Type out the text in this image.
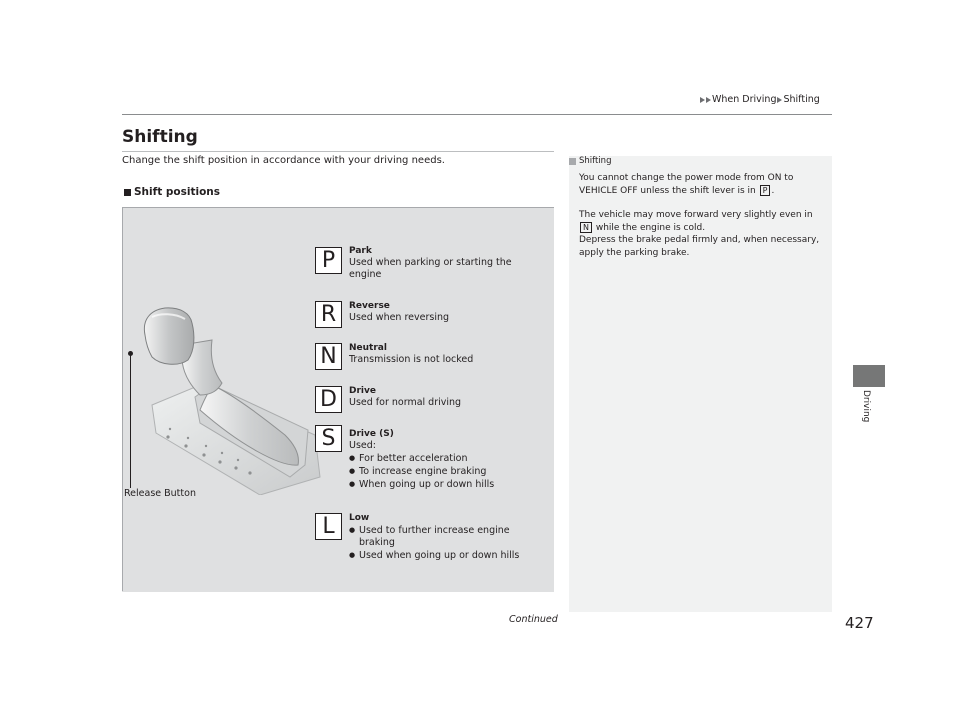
When Driving Shifting
Driving
Shifting
Change the shift position in accordance with your driving needs.
Shift positions
Release Button
P Park
Used when parking or starting the engine
R Reverse
Used when reversing
N Neutral
Transmission is not locked
D Drive
Used for normal driving
S Drive (S)
Used:
● For better acceleration
● To increase engine braking
● When going up or down hills
L Low
● Used to further increase engine braking
● Used when going up or down hills
Continued
Shifting

You cannot change the power mode from ON to VEHICLE OFF unless the shift lever is in P .

The vehicle may move forward very slightly even in
N while the engine is cold.

Depress the brake pedal firmly and, when necessary, apply the parking brake.

427
